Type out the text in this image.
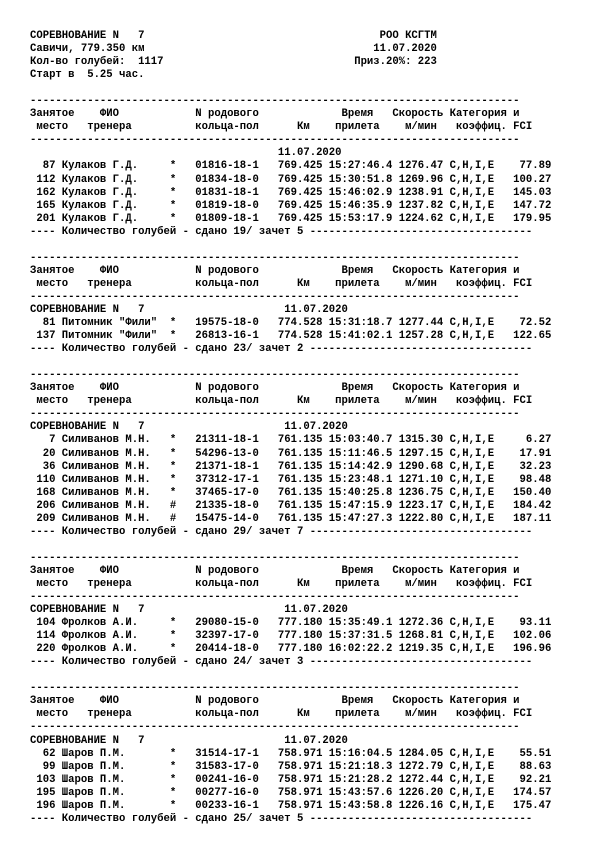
СОРЕВНОВАНИЕ N   7                                     РОО КСГТМ
Савичи, 779.350 км                                    11.07.2020
Кол-во голубей:  1117                              Приз.20%: 223
Старт в  5.25 час.
-----------------------------------------------------------------------------
Занятое    ФИО            N родового             Время   Скорость Категория и
место   тренера          кольца-пол      Км    прилета    м/мин   коэффиц. FCI
-----------------------------------------------------------------------------
11.07.2020
87 Кулаков Г.Д.     *   01816-18-1   769.425 15:27:46.4 1276.47 C,H,I,E    77.89
112 Кулаков Г.Д.     *   01834-18-0   769.425 15:30:51.8 1269.96 C,H,I,E   100.27
162 Кулаков Г.Д.     *   01831-18-1   769.425 15:46:02.9 1238.91 C,H,I,E   145.03
165 Кулаков Г.Д.     *   01819-18-0   769.425 15:46:35.9 1237.82 C,H,I,E   147.72
201 Кулаков Г.Д.     *   01809-18-1   769.425 15:53:17.9 1224.62 C,H,I,E   179.95
---- Количество голубей - сдано 19/ зачет 5 -----------------------------------
-----------------------------------------------------------------------------
Занятое    ФИО            N родового             Время   Скорость Категория и
место   тренера          кольца-пол      Км    прилета    м/мин   коэффиц. FCI
-----------------------------------------------------------------------------
СОРЕВНОВАНИЕ N   7                      11.07.2020
81 Питомник "Фили"  *   19575-18-0   774.528 15:31:18.7 1277.44 C,H,I,E    72.52
137 Питомник "Фили"  *   26813-16-1   774.528 15:41:02.1 1257.28 C,H,I,E   122.65
---- Количество голубей - сдано 23/ зачет 2 -----------------------------------
-----------------------------------------------------------------------------
Занятое    ФИО            N родового             Время   Скорость Категория и
место   тренера          кольца-пол      Км    прилета    м/мин   коэффиц. FCI
-----------------------------------------------------------------------------
СОРЕВНОВАНИЕ N   7                      11.07.2020
7 Силиванов М.Н.   *   21311-18-1   761.135 15:03:40.7 1315.30 C,H,I,E     6.27
20 Силиванов М.Н.   *   54296-13-0   761.135 15:11:46.5 1297.15 C,H,I,E    17.91
36 Силиванов М.Н.   *   21371-18-1   761.135 15:14:42.9 1290.68 C,H,I,E    32.23
110 Силиванов М.Н.   *   37312-17-1   761.135 15:23:48.1 1271.10 C,H,I,E    98.48
168 Силиванов М.Н.   *   37465-17-0   761.135 15:40:25.8 1236.75 C,H,I,E   150.40
206 Силиванов М.Н.   #   21335-18-0   761.135 15:47:15.9 1223.17 C,H,I,E   184.42
209 Силиванов М.Н.   #   15475-14-0   761.135 15:47:27.3 1222.80 C,H,I,E   187.11
---- Количество голубей - сдано 29/ зачет 7 -----------------------------------
-----------------------------------------------------------------------------
Занятое    ФИО            N родового             Время   Скорость Категория и
место   тренера          кольца-пол      Км    прилета    м/мин   коэффиц. FCI
-----------------------------------------------------------------------------
СОРЕВНОВАНИЕ N   7                      11.07.2020
104 Фролков А.И.     *   29080-15-0   777.180 15:35:49.1 1272.36 C,H,I,E    93.11
114 Фролков А.И.     *   32397-17-0   777.180 15:37:31.5 1268.81 C,H,I,E   102.06
220 Фролков А.И.     *   20414-18-0   777.180 16:02:22.2 1219.35 C,H,I,E   196.96
---- Количество голубей - сдано 24/ зачет 3 -----------------------------------
-----------------------------------------------------------------------------
Занятое    ФИО            N родового             Время   Скорость Категория и
место   тренера          кольца-пол      Км    прилета    м/мин   коэффиц. FCI
-----------------------------------------------------------------------------
СОРЕВНОВАНИЕ N   7                      11.07.2020
62 Шаров П.М.       *   31514-17-1   758.971 15:16:04.5 1284.05 C,H,I,E    55.51
99 Шаров П.М.       *   31583-17-0   758.971 15:21:18.3 1272.79 C,H,I,E    88.63
103 Шаров П.М.       *   00241-16-0   758.971 15:21:28.2 1272.44 C,H,I,E    92.21
195 Шаров П.М.       *   00277-16-0   758.971 15:43:57.6 1226.20 C,H,I,E   174.57
196 Шаров П.М.       *   00233-16-1   758.971 15:43:58.8 1226.16 C,H,I,E   175.47
---- Количество голубей - сдано 25/ зачет 5 -----------------------------------
